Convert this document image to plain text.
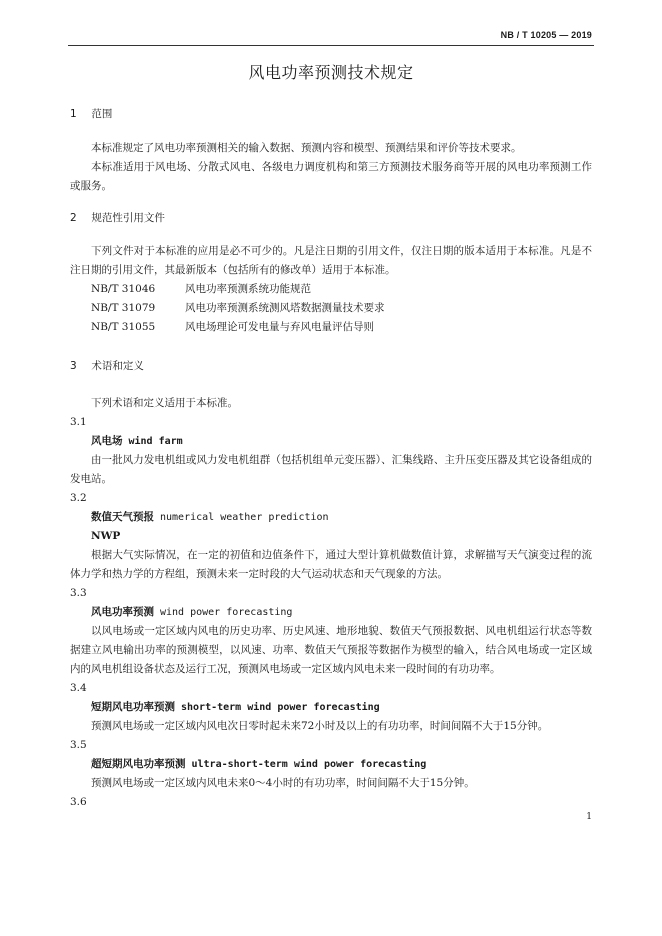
NB / T 10205 — 2019
风电功率预测技术规定
1 范围

本标准规定了风电功率预测相关的输入数据、预测内容和模型、预测结果和评价等技术要求。

本标准适用于风电场、分散式风电、各级电力调度机构和第三方预测技术服务商等开展的风电功率预测工作或服务。

2 规范性引用文件

下列文件对于本标准的应用是必不可少的。凡是注日期的引用文件，仅注日期的版本适用于本标准。凡是不注日期的引用文件，其最新版本（包括所有的修改单）适用于本标准。

NB/T 31046	风电功率预测系统功能规范
NB/T 31079	风电功率预测系统测风塔数据测量技术要求
NB/T 31055	风电场理论可发电量与弃风电量评估导则
3 术语和定义

下列术语和定义适用于本标准。

3.1

风电场 wind farm

由一批风力发电机组或风力发电机组群（包括机组单元变压器）、汇集线路、主升压变压器及其它设备组成的发电站。

3.2

数值天气预报 numerical weather prediction
NWP

根据大气实际情况，在一定的初值和边值条件下，通过大型计算机做数值计算，求解描写天气演变过程的流体力学和热力学的方程组，预测未来一定时段的大气运动状态和天气现象的方法。

3.3

风电功率预测 wind power forecasting

以风电场或一定区域内风电的历史功率、历史风速、地形地貌、数值天气预报数据、风电机组运行状态等数据建立风电输出功率的预测模型，以风速、功率、数值天气预报等数据作为模型的输入，结合风电场或一定区域内的风电机组设备状态及运行工况，预测风电场或一定区域内风电未来一段时间的有功功率。

3.4

短期风电功率预测 short-term wind power forecasting

预测风电场或一定区域内风电次日零时起未来72小时及以上的有功功率，时间间隔不大于15分钟。

3.5

超短期风电功率预测 ultra-short-term wind power forecasting

预测风电场或一定区域内风电未来0～4小时的有功功率，时间间隔不大于15分钟。

3.6

1
